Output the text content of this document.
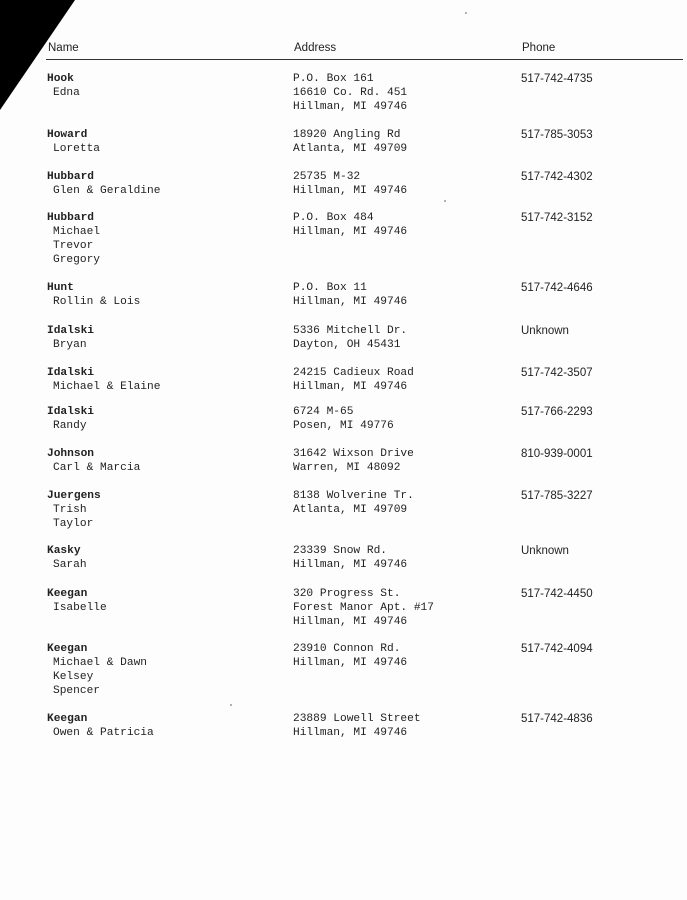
Name	Address	Phone
Hook
Edna
P.O. Box 161
16610 Co. Rd. 451
Hillman, MI 49746
517-742-4735
Howard
Loretta
18920 Angling Rd
Atlanta, MI 49709
517-785-3053
Hubbard
Glen & Geraldine
25735 M-32
Hillman, MI 49746
517-742-4302
Hubbard
Michael
Trevor
Gregory
P.O. Box 484
Hillman, MI 49746
517-742-3152
Hunt
Rollin & Lois
P.O. Box 11
Hillman, MI 49746
517-742-4646
Idalski
Bryan
5336 Mitchell Dr.
Dayton, OH 45431
Unknown
Idalski
Michael & Elaine
24215 Cadieux Road
Hillman, MI 49746
517-742-3507
Idalski
Randy
6724 M-65
Posen, MI 49776
517-766-2293
Johnson
Carl & Marcia
31642 Wixson Drive
Warren, MI 48092
810-939-0001
Juergens
Trish
Taylor
8138 Wolverine Tr.
Atlanta, MI 49709
517-785-3227
Kasky
Sarah
23339 Snow Rd.
Hillman, MI 49746
Unknown
Keegan
Isabelle
320 Progress St.
Forest Manor Apt. #17
Hillman, MI 49746
517-742-4450
Keegan
Michael & Dawn
Kelsey
Spencer
23910 Connon Rd.
Hillman, MI 49746
517-742-4094
Keegan
Owen & Patricia
23889 Lowell Street
Hillman, MI 49746
517-742-4836
